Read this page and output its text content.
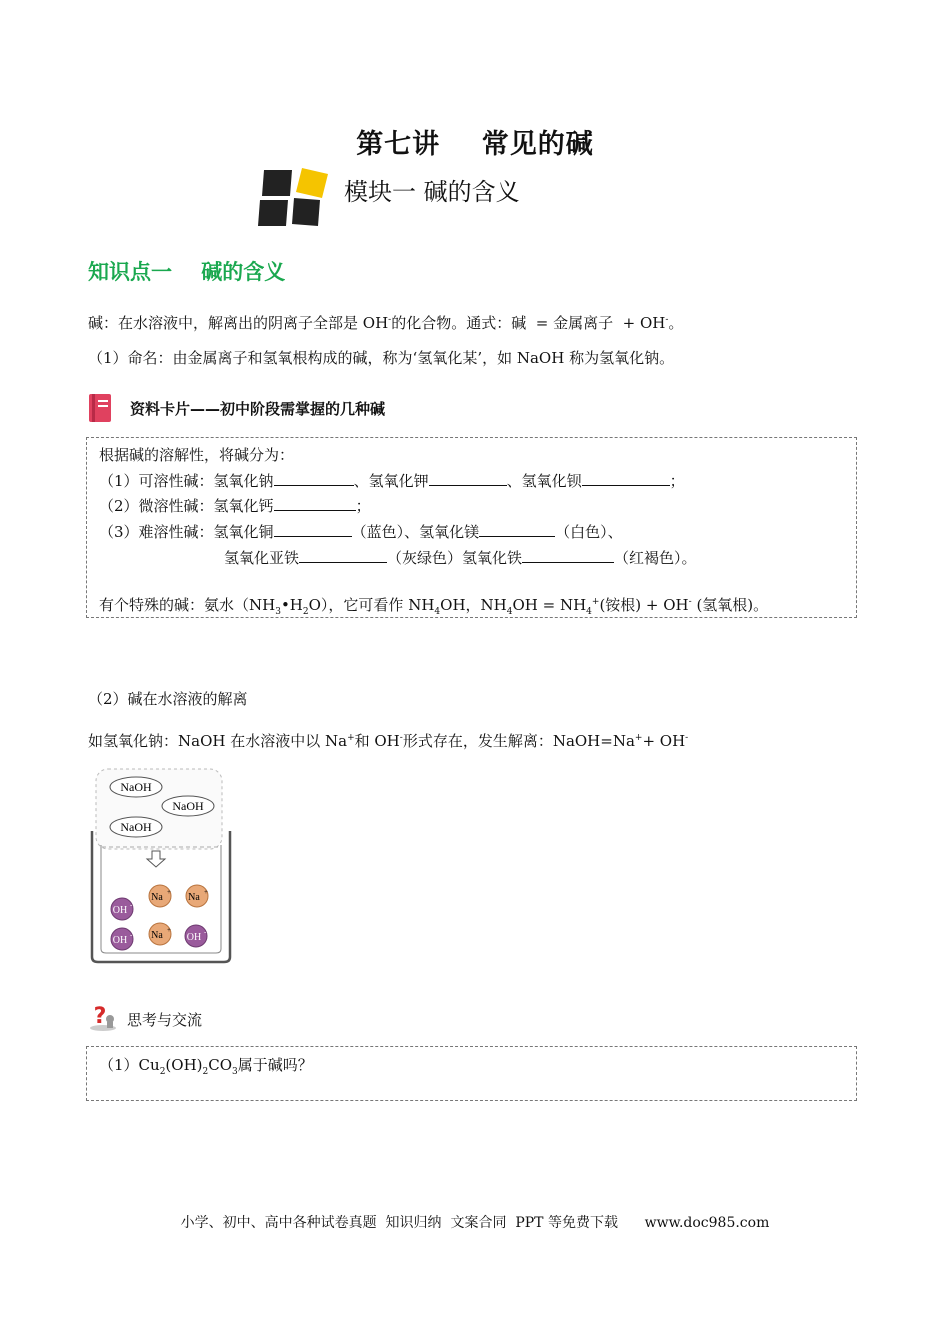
第七讲    常见的碱
模块一 碱的含义
知识点一    碱的含义
碱：在水溶液中，解离出的阴离子全部是 OH-的化合物。通式：碱  = 金属离子  + OH-。
（1）命名：由金属离子和氢氧根构成的碱，称为‘氢氧化某’，如 NaOH 称为氢氧化钠。
资料卡片——初中阶段需掌握的几种碱
根据碱的溶解性，将碱分为：
（1）可溶性碱：氢氧化钠	、氢氧化钾	、氢氧化钡	；
（2）微溶性碱：氢氧化钙	；
（3）难溶性碱：氢氧化铜	（蓝色）、氢氧化镁	（白色）、
氢氧化亚铁	（灰绿色）氢氧化铁	（红褐色）。
有个特殊的碱：氨水$(NH_3•H_2O)$，它可看作 $NH_4OH$，$NH_4OH = NH_4^+$(铵根) + OH- (氢氧根)。
（2）碱在水溶液的解离
如氢氧化钠：NaOH 在水溶液中以 Na+和 OH-形式存在，发生解离：NaOH=Na++ OH-
NaOH
NaOH
NaOH
Na + Na +
Na +
OH -
OH -	OH -
? 思考与交流
$(1)Cu_2(OH)_2CO_3$属于碱吗？
小学、初中、高中各种试卷真题  知识归纳  文案合同  PPT 等免费下载      www.doc985.com
